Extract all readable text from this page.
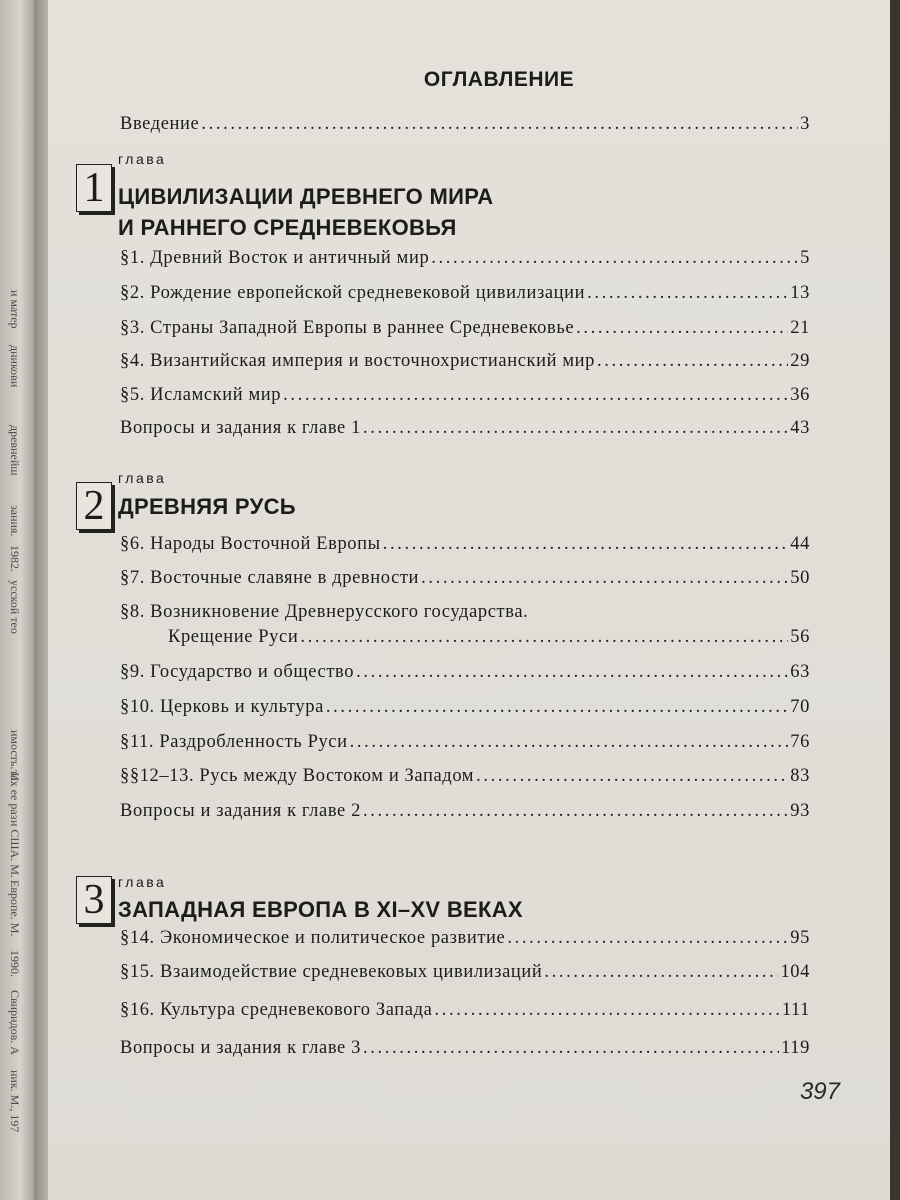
и матер
дникови
древнейш
зания.
1982.
усской тео
имость. И.
тах ее раз
и США. М.
Европе. М.
1990.
Свиридов. А
ник. М., 197
ОГЛАВЛЕНИЕ
Введение . . .	3
глава
1 ЦИВИЛИЗАЦИИ ДРЕВНЕГО МИРА
И РАННЕГО СРЕДНЕВЕКОВЬЯ
§1. Древний Восток и античный мир . . .	5
§2. Рождение европейской средневековой цивилизации . . .	13
§3. Страны Западной Европы в раннее Средневековье . . .	21
§4. Византийская империя и восточнохристианский мир . . .	29
§5. Исламский мир . . .	36
Вопросы и задания к главе 1 . . .	43
глава
2 ДРЕВНЯЯ РУСЬ
§6. Народы Восточной Европы . . .	44
§7. Восточные славяне в древности . . .	50
§8. Возникновение Древнерусского государства.
Крещение Руси . . .	56
§9. Государство и общество . . .	63
§10. Церковь и культура . . .	70
§11. Раздробленность Руси . . .	76
§§12–13. Русь между Востоком и Западом . . .	83
Вопросы и задания к главе 2 . . .	93
глава
3 ЗАПАДНАЯ ЕВРОПА В XI–XV ВЕКАХ
§14. Экономическое и политическое развитие . . .	95
§15. Взаимодействие средневековых цивилизаций . . .	104
§16. Культура средневекового Запада . . .	111
Вопросы и задания к главе 3 . . .	119
397
